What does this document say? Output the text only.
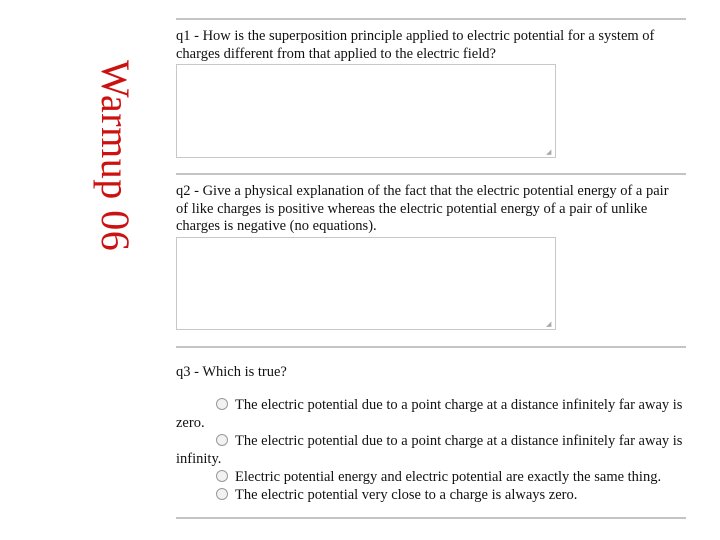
Warmup 06
q1 - How is the superposition principle applied to electric potential for a system of charges different from that applied to the electric field?
◢
q2 - Give a physical explanation of the fact that the electric potential energy of a pair of like charges is positive whereas the electric potential energy of a pair of unlike charges is negative (no equations).
◢
q3 - Which is true?
The electric potential due to a point charge at a distance infinitely far away is zero.
The electric potential due to a point charge at a distance infinitely far away is infinity.
Electric potential energy and electric potential are exactly the same thing.
The electric potential very close to a charge is always zero.
